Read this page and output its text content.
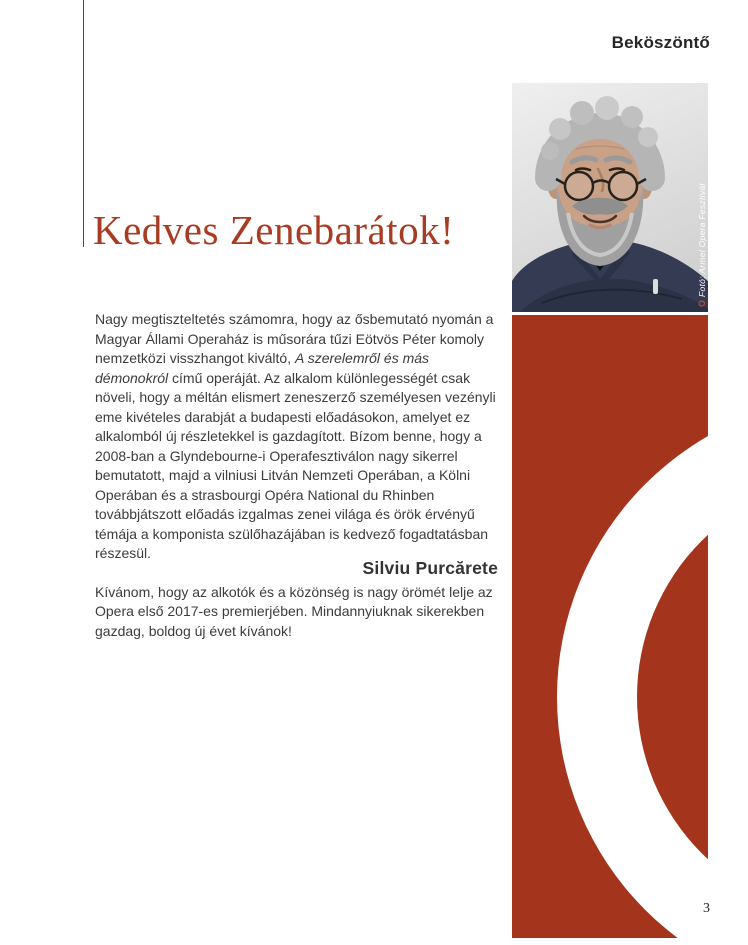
Beköszöntő
O
Fotó: Armel Opera Fesztivál
Kedves Zenebarátok!

Nagy megtiszteltetés számomra, hogy az ősbemutató nyomán a Magyar Állami Operaház is műsorára tűzi Eötvös Péter komoly nemzetközi visszhangot kiváltó, A szerelemről és más démonokról című operáját. Az alkalom különlegességét csak növeli, hogy a méltán elismert zeneszerző személyesen vezényli eme kivételes darabját a budapesti előadásokon, amelyet ez alkalomból új részletekkel is gazdagított. Bízom benne, hogy a 2008-ban a Glyndebourne-i Operafesztiválon nagy sikerrel bemutatott, majd a vilniusi Litván Nemzeti Operában, a Kölni Operában és a strasbourgi Opéra National du Rhinben továbbjátszott előadás izgalmas zenei világa és örök érvényű témája a komponista szülőhazájában is kedvező fogadtatásban részesül.

Kívánom, hogy az alkotók és a közönség is nagy örömét lelje az Opera első 2017-es premierjében. Mindannyiuknak sikerekben gazdag, boldog új évet kívánok!

Silviu Purcărete
3
